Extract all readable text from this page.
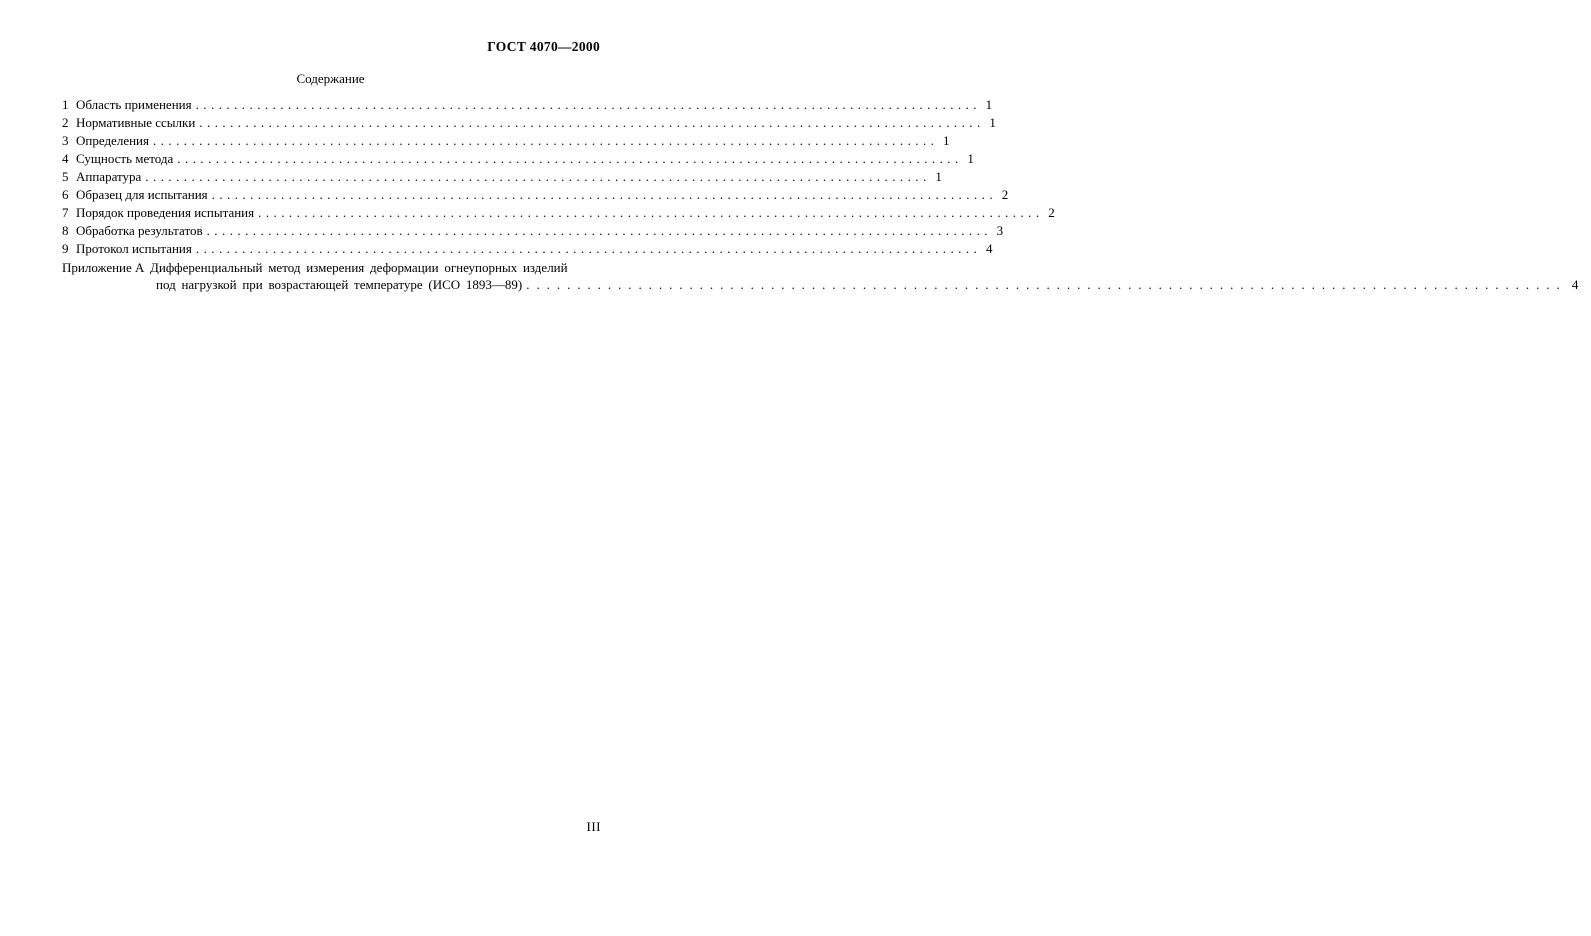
ГОСТ 4070—2000
Содержание
1 Область применения . . .	1
2 Нормативные ссылки . . .	1
3 Определения . . .	1
4 Сущность метода . . .	1
5 Аппаратура . . .	1
6 Образец для испытания . . .	2
7 Порядок проведения испытания . . .	2
8 Обработка результатов . . .	3
9 Протокол испытания . . .	4
Приложение А Дифференциальный метод измерения деформации огнеупорных изделий
под нагрузкой при возрастающей температуре (ИСО 1893—89) . . .	4
III
